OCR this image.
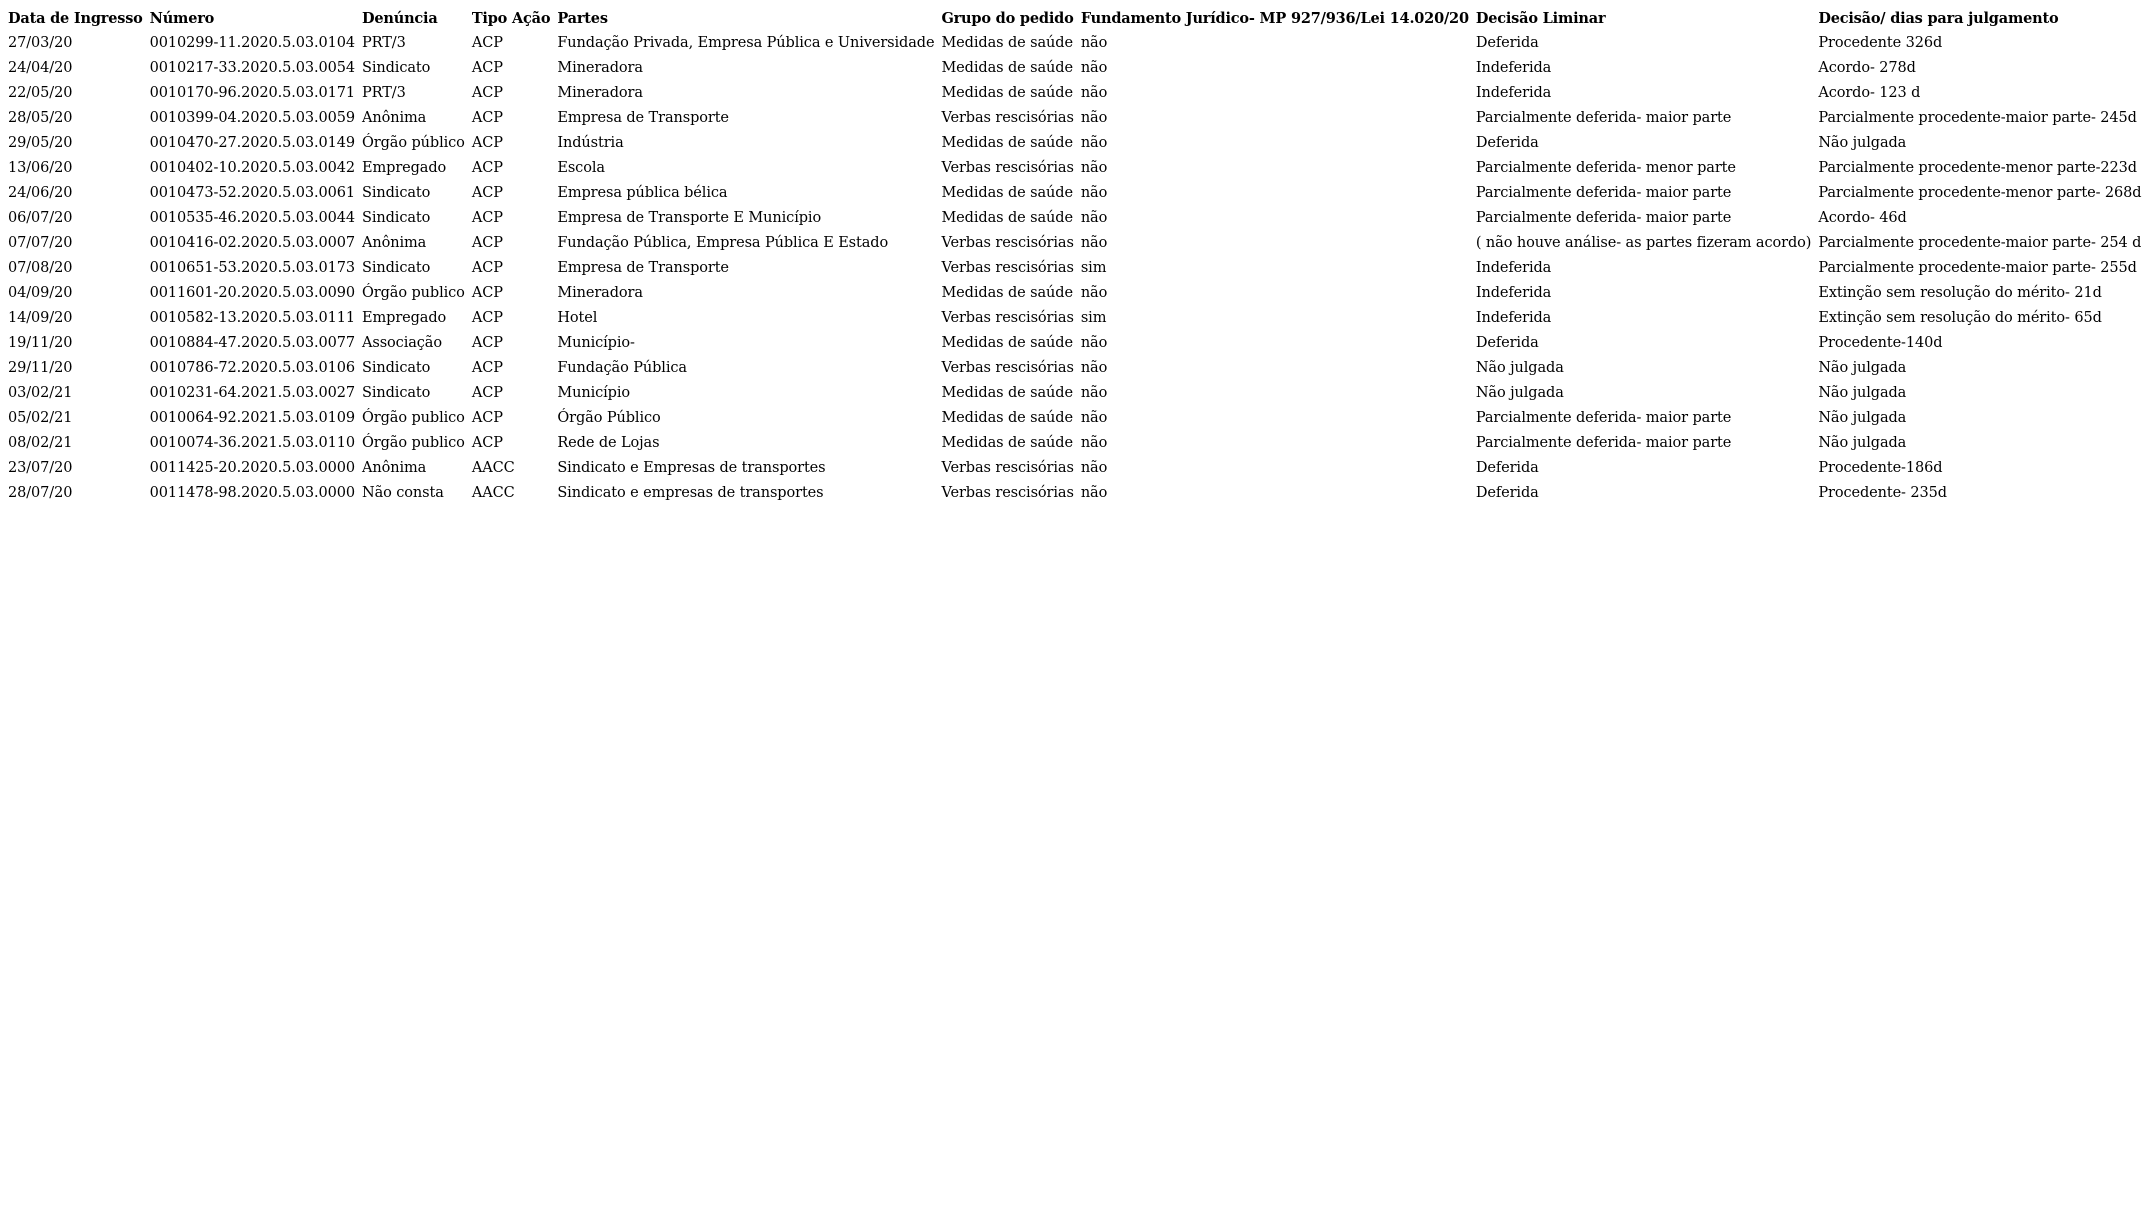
Data de Ingresso	Número	Denúncia	Tipo Ação	Partes	Grupo do pedido	Fundamento Jurídico- MP 927/936/Lei 14.020/20	Decisão Liminar	Decisão/ dias para julgamento
27/03/20	0010299-11.2020.5.03.0104	PRT/3	ACP	Fundação Privada, Empresa Pública e Universidade	Medidas de saúde	não	Deferida	Procedente 326d
24/04/20	0010217-33.2020.5.03.0054	Sindicato	ACP	Mineradora	Medidas de saúde	não	Indeferida	Acordo- 278d
22/05/20	0010170-96.2020.5.03.0171	PRT/3	ACP	Mineradora	Medidas de saúde	não	Indeferida	Acordo- 123 d
28/05/20	0010399-04.2020.5.03.0059	Anônima	ACP	Empresa de Transporte	Verbas rescisórias	não	Parcialmente deferida- maior parte	Parcialmente procedente-maior parte- 245d
29/05/20	0010470-27.2020.5.03.0149	Órgão público	ACP	Indústria	Medidas de saúde	não	Deferida	Não julgada
13/06/20	0010402-10.2020.5.03.0042	Empregado	ACP	Escola	Verbas rescisórias	não	Parcialmente deferida- menor parte	Parcialmente procedente-menor parte-223d
24/06/20	0010473-52.2020.5.03.0061	Sindicato	ACP	Empresa pública bélica	Medidas de saúde	não	Parcialmente deferida- maior parte	Parcialmente procedente-menor parte- 268d
06/07/20	0010535-46.2020.5.03.0044	Sindicato	ACP	Empresa de Transporte E Município	Medidas de saúde	não	Parcialmente deferida- maior parte	Acordo- 46d
07/07/20	0010416-02.2020.5.03.0007	Anônima	ACP	Fundação Pública, Empresa Pública E Estado	Verbas rescisórias	não	( não houve análise- as partes fizeram acordo)	Parcialmente procedente-maior parte- 254 d
07/08/20	0010651-53.2020.5.03.0173	Sindicato	ACP	Empresa de Transporte	Verbas rescisórias	sim	Indeferida	Parcialmente procedente-maior parte- 255d
04/09/20	0011601-20.2020.5.03.0090	Órgão publico	ACP	Mineradora	Medidas de saúde	não	Indeferida	Extinção sem resolução do mérito- 21d
14/09/20	0010582-13.2020.5.03.0111	Empregado	ACP	Hotel	Verbas rescisórias	sim	Indeferida	Extinção sem resolução do mérito- 65d
19/11/20	0010884-47.2020.5.03.0077	Associação	ACP	Município-	Medidas de saúde	não	Deferida	Procedente-140d
29/11/20	0010786-72.2020.5.03.0106	Sindicato	ACP	Fundação Pública	Verbas rescisórias	não	Não julgada	Não julgada
03/02/21	0010231-64.2021.5.03.0027	Sindicato	ACP	Município	Medidas de saúde	não	Não julgada	Não julgada
05/02/21	0010064-92.2021.5.03.0109	Órgão publico	ACP	Órgão Público	Medidas de saúde	não	Parcialmente deferida- maior parte	Não julgada
08/02/21	0010074-36.2021.5.03.0110	Órgão publico	ACP	Rede de Lojas	Medidas de saúde	não	Parcialmente deferida- maior parte	Não julgada
23/07/20	0011425-20.2020.5.03.0000	Anônima	AACC	Sindicato e Empresas de transportes	Verbas rescisórias	não	Deferida	Procedente-186d
28/07/20	0011478-98.2020.5.03.0000	Não consta	AACC	Sindicato e empresas de transportes	Verbas rescisórias	não	Deferida	Procedente- 235d
